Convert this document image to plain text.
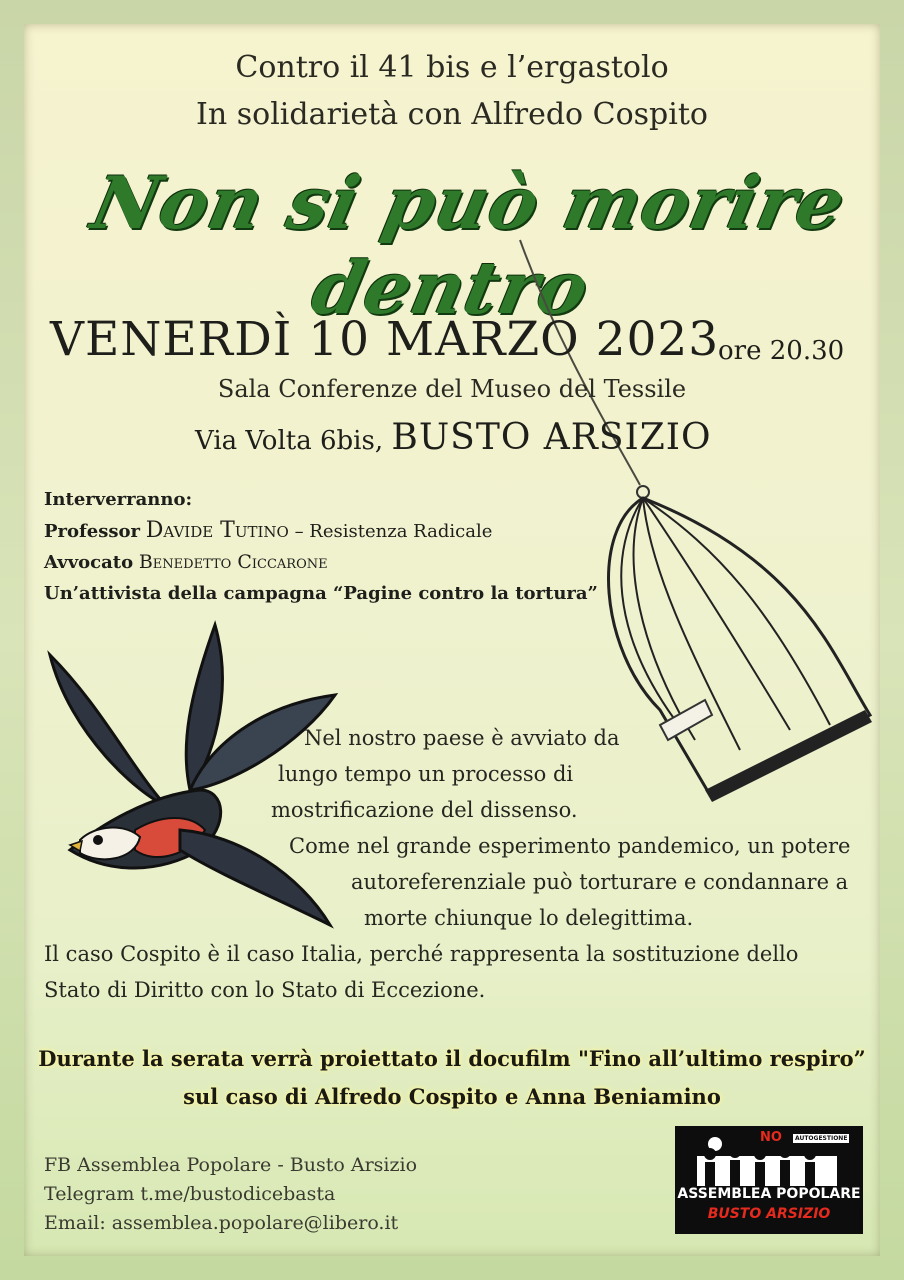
Contro il 41 bis e l’ergastolo
In solidarietà con Alfredo Cospito
Non si può morire dentro
VENERDÌ 10 MARZO 2023
ore 20.30
Sala Conferenze del Museo del Tessile
Via Volta 6bis, BUSTO ARSIZIO
Interverranno:
Professor Davide Tutino – Resistenza Radicale
Avvocato Benedetto Ciccarone
Un’attivista della campagna “Pagine contro la tortura”
Nel nostro paese è avviato da
lungo tempo un processo di
mostrificazione del dissenso.
Come nel grande esperimento pandemico, un potere
autoreferenziale può torturare e condannare a
morte chiunque lo delegittima.
Il caso Cospito è il caso Italia, perché rappresenta la sostituzione dello
Stato di Diritto con lo Stato di Eccezione.
Durante la serata verrà proiettato il docufilm "Fino all’ultimo respiro”
sul caso di Alfredo Cospito e Anna Beniamino
FB Assemblea Popolare - Busto Arsizio
Telegram t.me/bustodicebasta
Email: assemblea.popolare@libero.it
NO	AUTOGESTIONE
ASSEMBLEA POPOLARE
BUSTO ARSIZIO
